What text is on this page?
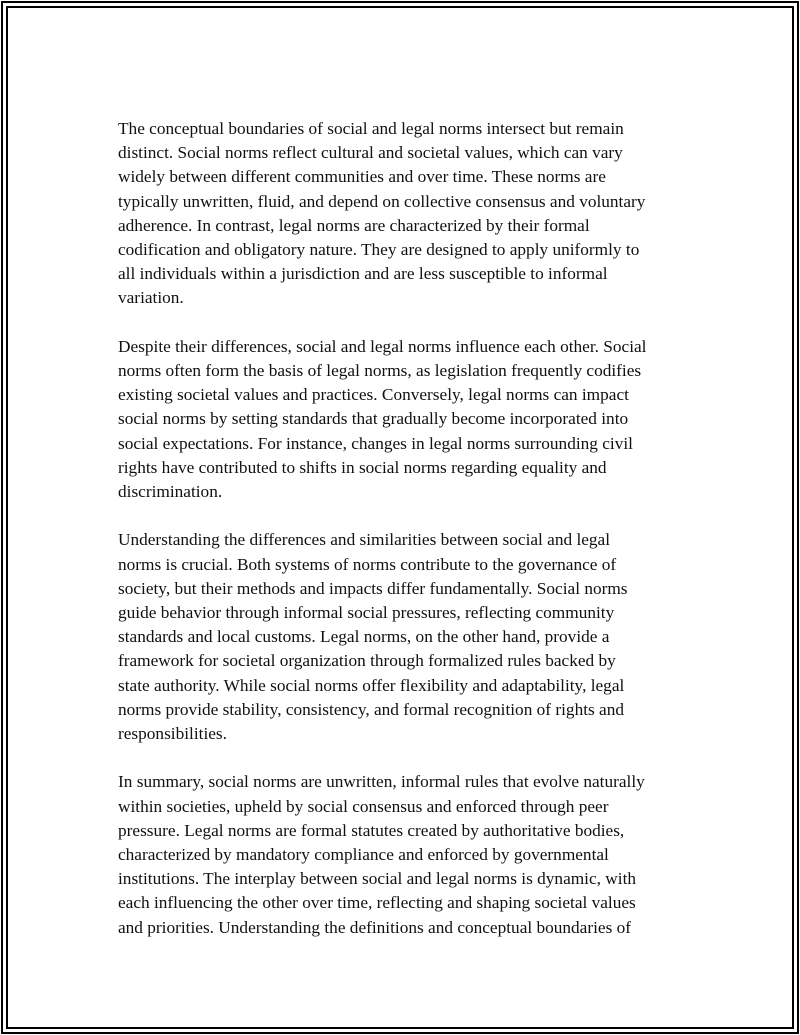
The conceptual boundaries of social and legal norms intersect but remain
distinct. Social norms reflect cultural and societal values, which can vary
widely between different communities and over time. These norms are
typically unwritten, fluid, and depend on collective consensus and voluntary
adherence. In contrast, legal norms are characterized by their formal
codification and obligatory nature. They are designed to apply uniformly to
all individuals within a jurisdiction and are less susceptible to informal
variation.

Despite their differences, social and legal norms influence each other. Social
norms often form the basis of legal norms, as legislation frequently codifies
existing societal values and practices. Conversely, legal norms can impact
social norms by setting standards that gradually become incorporated into
social expectations. For instance, changes in legal norms surrounding civil
rights have contributed to shifts in social norms regarding equality and
discrimination.

Understanding the differences and similarities between social and legal
norms is crucial. Both systems of norms contribute to the governance of
society, but their methods and impacts differ fundamentally. Social norms
guide behavior through informal social pressures, reflecting community
standards and local customs. Legal norms, on the other hand, provide a
framework for societal organization through formalized rules backed by
state authority. While social norms offer flexibility and adaptability, legal
norms provide stability, consistency, and formal recognition of rights and
responsibilities.

In summary, social norms are unwritten, informal rules that evolve naturally
within societies, upheld by social consensus and enforced through peer
pressure. Legal norms are formal statutes created by authoritative bodies,
characterized by mandatory compliance and enforced by governmental
institutions. The interplay between social and legal norms is dynamic, with
each influencing the other over time, reflecting and shaping societal values
and priorities. Understanding the definitions and conceptual boundaries of
